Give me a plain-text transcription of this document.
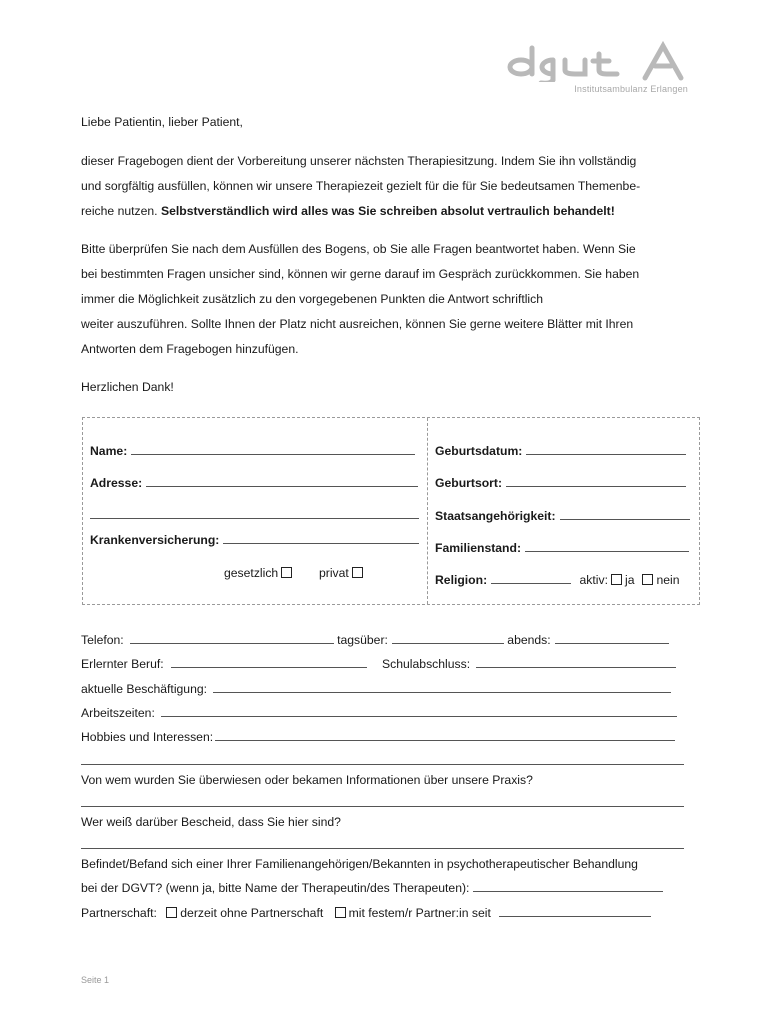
Institutsambulanz Erlangen
Liebe Patientin, lieber Patient,
dieser Fragebogen dient der Vorbereitung unserer nächsten Therapiesitzung. Indem Sie ihn vollständig
und sorgfältig ausfüllen, können wir unsere Therapiezeit gezielt für die für Sie bedeutsamen Themenbe-
reiche nutzen. Selbstverständlich wird alles was Sie schreiben absolut vertraulich behandelt!
Bitte überprüfen Sie nach dem Ausfüllen des Bogens, ob Sie alle Fragen beantwortet haben. Wenn Sie
bei bestimmten Fragen unsicher sind, können wir gerne darauf im Gespräch zurückkommen. Sie haben
immer die Möglichkeit zusätzlich zu den vorgegebenen Punkten die Antwort schriftlich
weiter auszuführen. Sollte Ihnen der Platz nicht ausreichen, können Sie gerne weitere Blätter mit Ihren
Antworten dem Fragebogen hinzufügen.
Herzlichen Dank!
Name:
Adresse:
Krankenversicherung:
gesetzlich	privat
Geburtsdatum:
Geburtsort:
Staatsangehörigkeit:
Familienstand:
Religion:	aktiv: ja nein
Telefon:	tagsüber:	abends:
Erlernter Beruf:	Schulabschluss:
aktuelle Beschäftigung:
Arbeitszeiten:
Hobbies und Interessen:
Von wem wurden Sie überwiesen oder bekamen Informationen über unsere Praxis?
Wer weiß darüber Bescheid, dass Sie hier sind?
Befindet/Befand sich einer Ihrer Familienangehörigen/Bekannten in psychotherapeutischer Behandlung
bei der DGVT? (wenn ja, bitte Name der Therapeutin/des Therapeuten):
Partnerschaft: derzeit ohne Partnerschaft mit festem/r Partner:in seit
Seite 1
